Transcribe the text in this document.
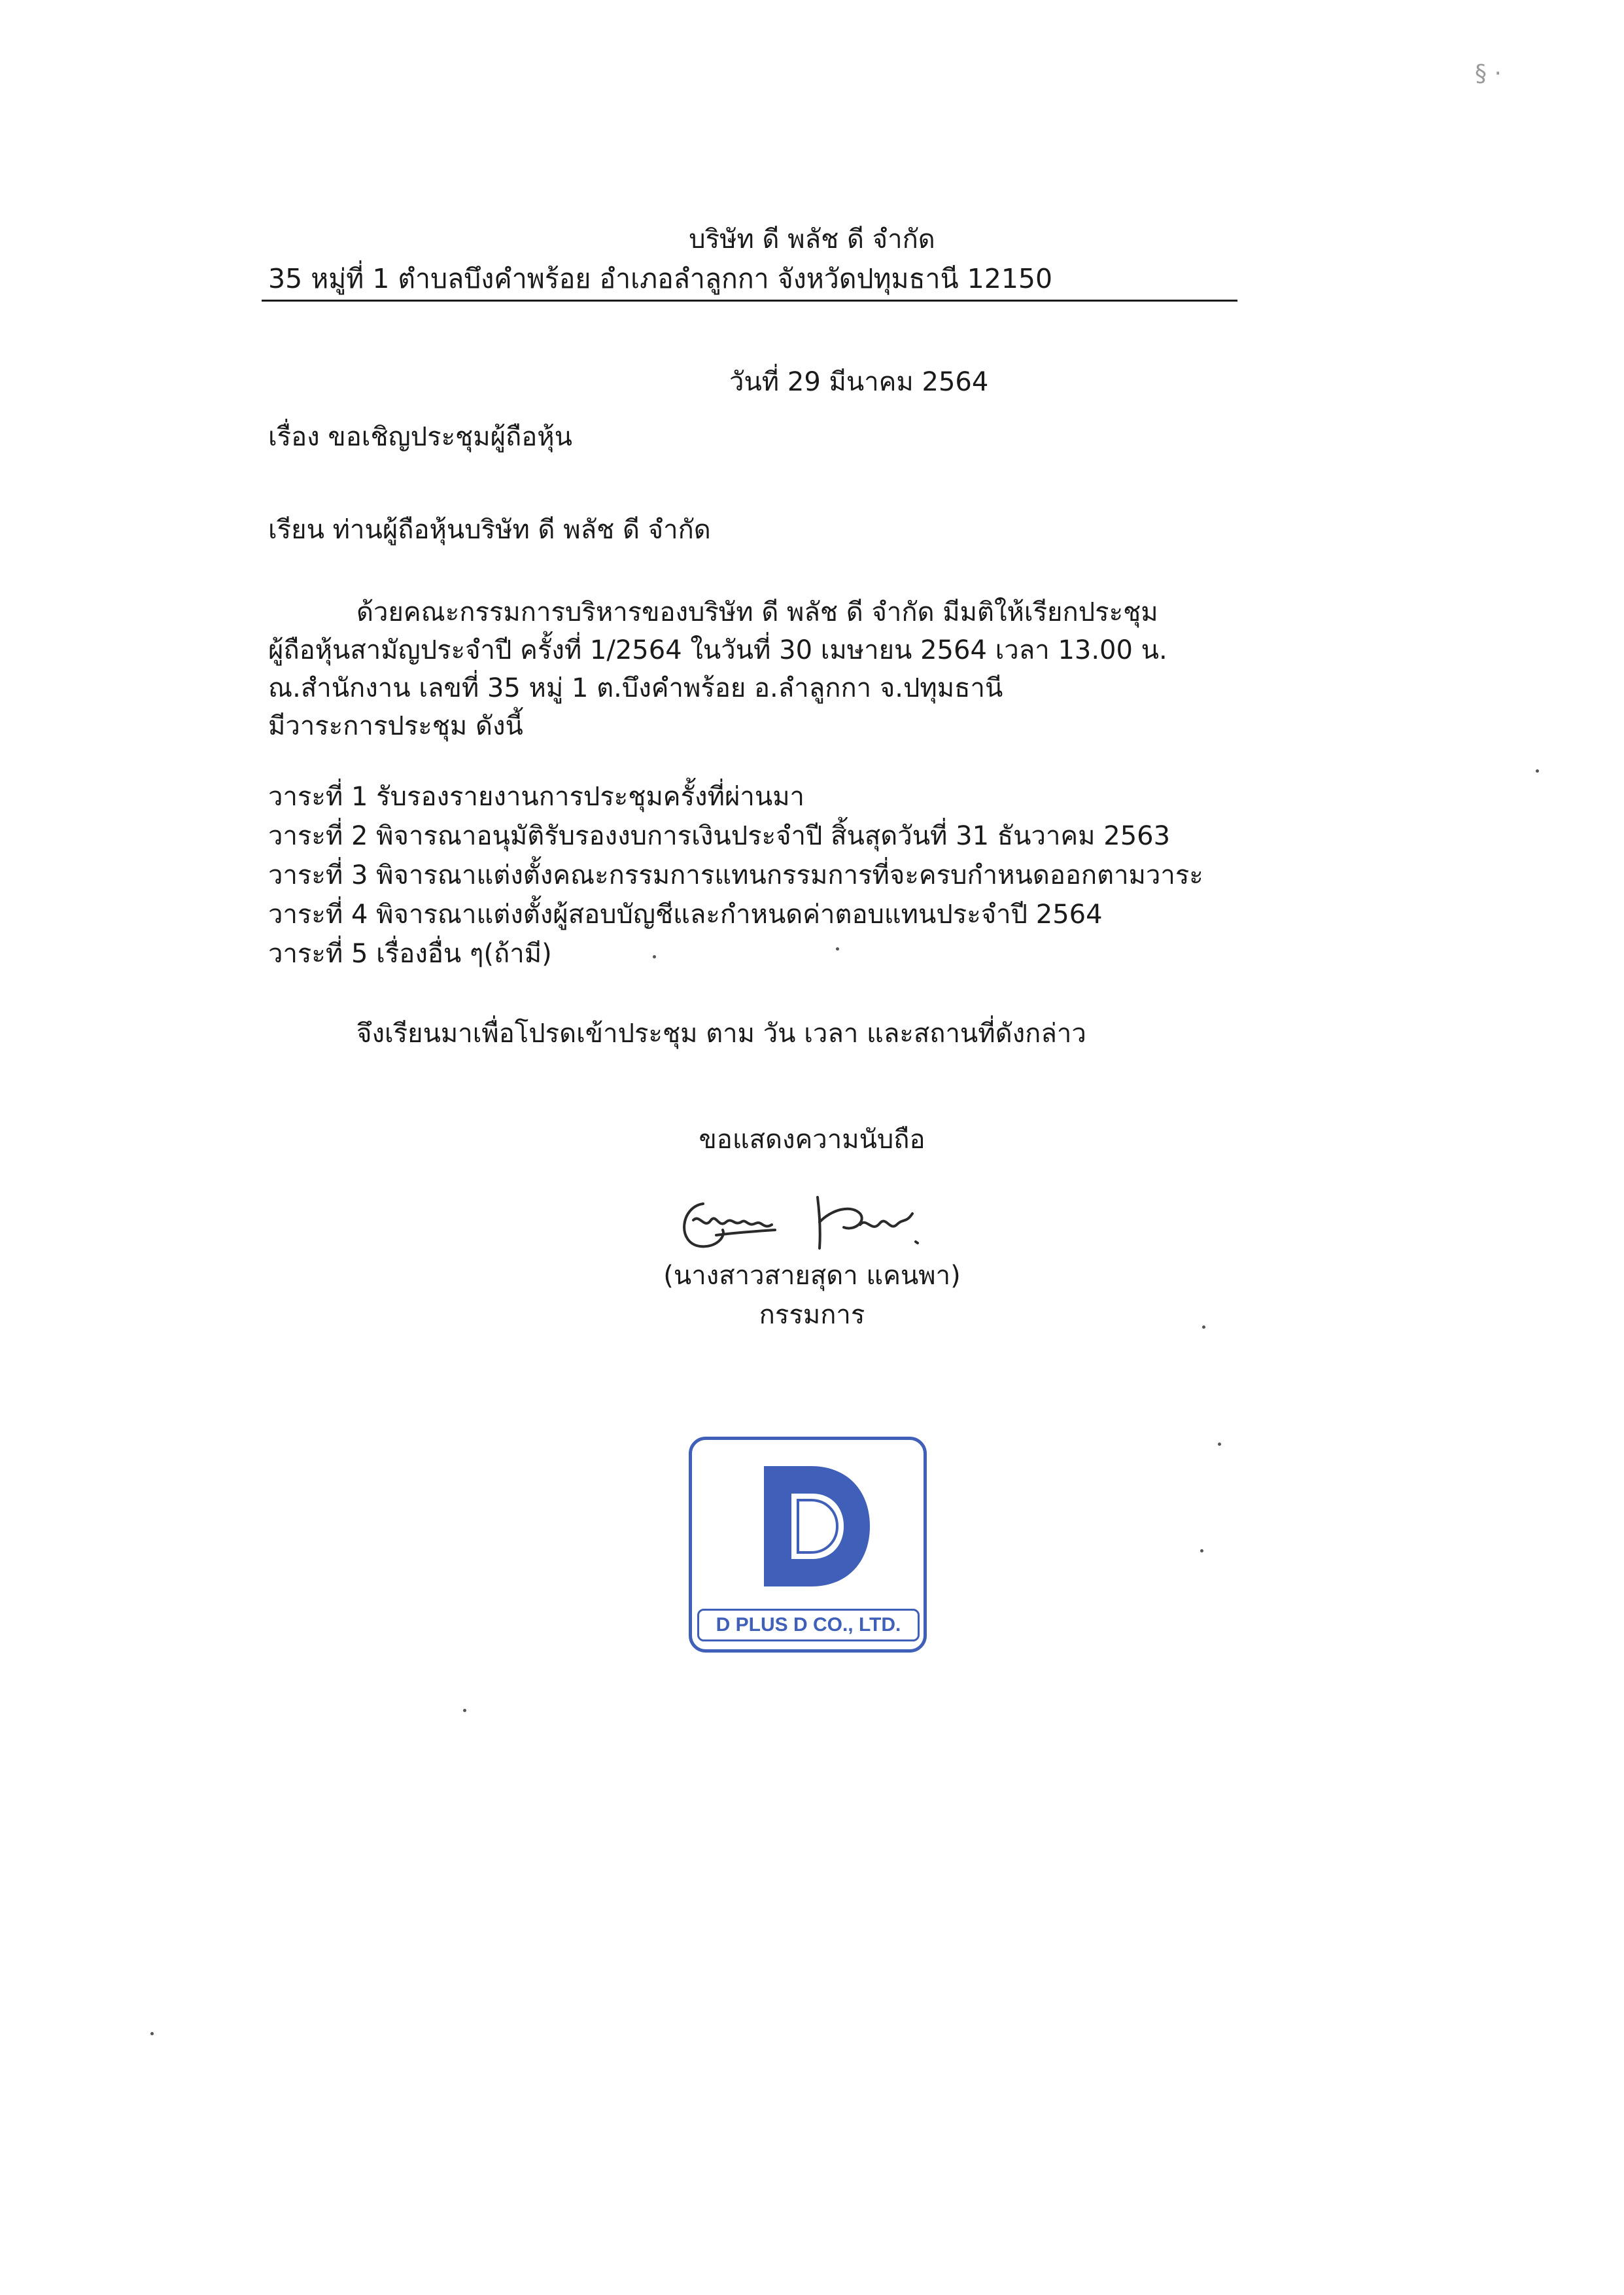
§ ·
บริษัท ดี พลัช ดี จำกัด
35 หมู่ที่ 1 ตำบลบึงคำพร้อย อำเภอลำลูกกา จังหวัดปทุมธานี 12150
วันที่ 29 มีนาคม 2564
เรื่อง ขอเชิญประชุมผู้ถือหุ้น
เรียน ท่านผู้ถือหุ้นบริษัท ดี พลัช ดี จำกัด
ด้วยคณะกรรมการบริหารของบริษัท ดี พลัช ดี จำกัด มีมติให้เรียกประชุม
ผู้ถือหุ้นสามัญประจำปี ครั้งที่ 1/2564 ในวันที่ 30 เมษายน 2564 เวลา 13.00 น.
ณ.สำนักงาน เลขที่ 35 หมู่ 1 ต.บึงคำพร้อย อ.ลำลูกกา จ.ปทุมธานี
มีวาระการประชุม ดังนี้
วาระที่ 1 รับรองรายงานการประชุมครั้งที่ผ่านมา
วาระที่ 2 พิจารณาอนุมัติรับรองงบการเงินประจำปี สิ้นสุดวันที่ 31 ธันวาคม 2563
วาระที่ 3 พิจารณาแต่งตั้งคณะกรรมการแทนกรรมการที่จะครบกำหนดออกตามวาระ
วาระที่ 4 พิจารณาแต่งตั้งผู้สอบบัญชีและกำหนดค่าตอบแทนประจำปี 2564
วาระที่ 5 เรื่องอื่น ๆ(ถ้ามี)
จึงเรียนมาเพื่อโปรดเข้าประชุม ตาม วัน เวลา และสถานที่ดังกล่าว
ขอแสดงความนับถือ
(นางสาวสายสุดา แคนพา)
กรรมการ
D PLUS D CO., LTD.
